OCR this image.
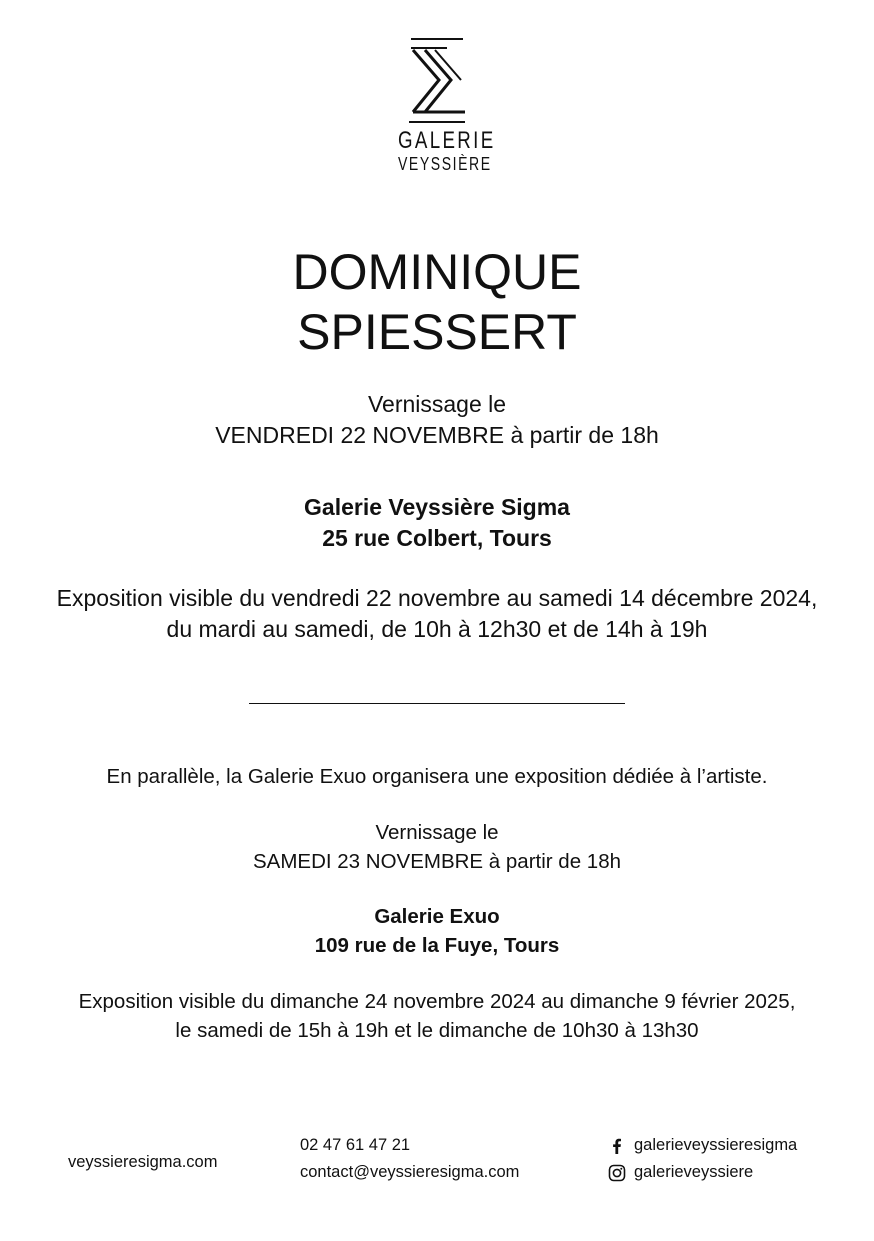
GALERIE
VEYSSIÈRE
DOMINIQUE
SPIESSERT
Vernissage le
VENDREDI 22 NOVEMBRE à partir de 18h
Galerie Veyssière Sigma
25 rue Colbert, Tours
Exposition visible du vendredi 22 novembre au samedi 14 décembre 2024,
du mardi au samedi, de 10h à 12h30 et de 14h à 19h
En parallèle, la Galerie Exuo organisera une exposition dédiée à l’artiste.
Vernissage le
SAMEDI 23 NOVEMBRE à partir de 18h
Galerie Exuo
109 rue de la Fuye, Tours
Exposition visible du dimanche 24 novembre 2024 au dimanche 9 février 2025,
le samedi de 15h à 19h et le dimanche de 10h30 à 13h30
veyssieresigma.com
02 47 61 47 21
contact@veyssieresigma.com
galerieveyssieresigma
galerieveyssiere
